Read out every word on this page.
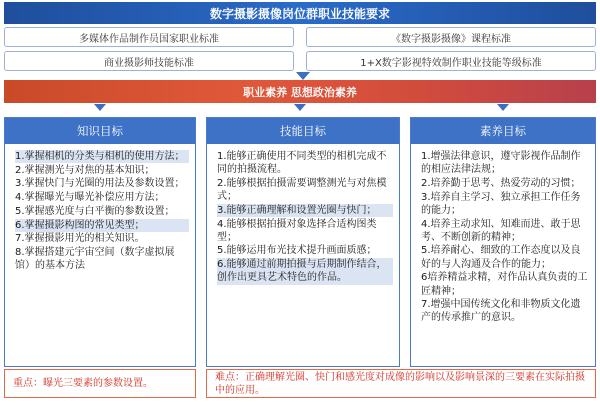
数字摄影摄像岗位群职业技能要求
多媒体作品制作员国家职业标准	《数字摄影摄像》课程标准
商业摄影师技能标准	1+X数字影视特效制作职业技能等级标准
职业素养 思想政治素养
知识目标
1.掌握相机的分类与相机的使用方法；
2.掌握测光与对焦的基本知识；
3.掌握快门与光圈的用法及参数设置；
4.掌握曝光与曝光补偿应用方法；
5.掌握感光度与白平衡的参数设置；
6.掌握摄影构图的常见类型；
7.掌握摄影用光的相关知识。
8.掌握搭建元宇宙空间（数字虚拟展馆）的基本方法
技能目标
1.能够正确使用不同类型的相机完成不同的拍摄流程。
2.能够根据拍摄需要调整测光与对焦模式；
3.能够正确理解和设置光圈与快门；
4.能够根据拍摄对象选择合适构图类型；
5.能够运用布光技术提升画面质感；
6.能够通过前期拍摄与后期制作结合，创作出更具艺术特色的作品。
素养目标
1.增强法律意识，遵守影视作品制作的相应法律法规；
2.培养勤于思考、热爱劳动的习惯；
3.培养自主学习、独立承担工作任务的能力；
4.培养主动求知、知难而进、敢于思考、不断创新的精神；
5.培养耐心、细致的工作态度以及良好的与人沟通及合作的能力；
6培养精益求精，对作品认真负责的工匠精神；
7.增强中国传统文化和非物质文化遗产的传承推广的意识。
重点：曝光三要素的参数设置。
难点：正确理解光圈、快门和感光度对成像的影响以及影响景深的三要素在实际拍摄中的应用。
